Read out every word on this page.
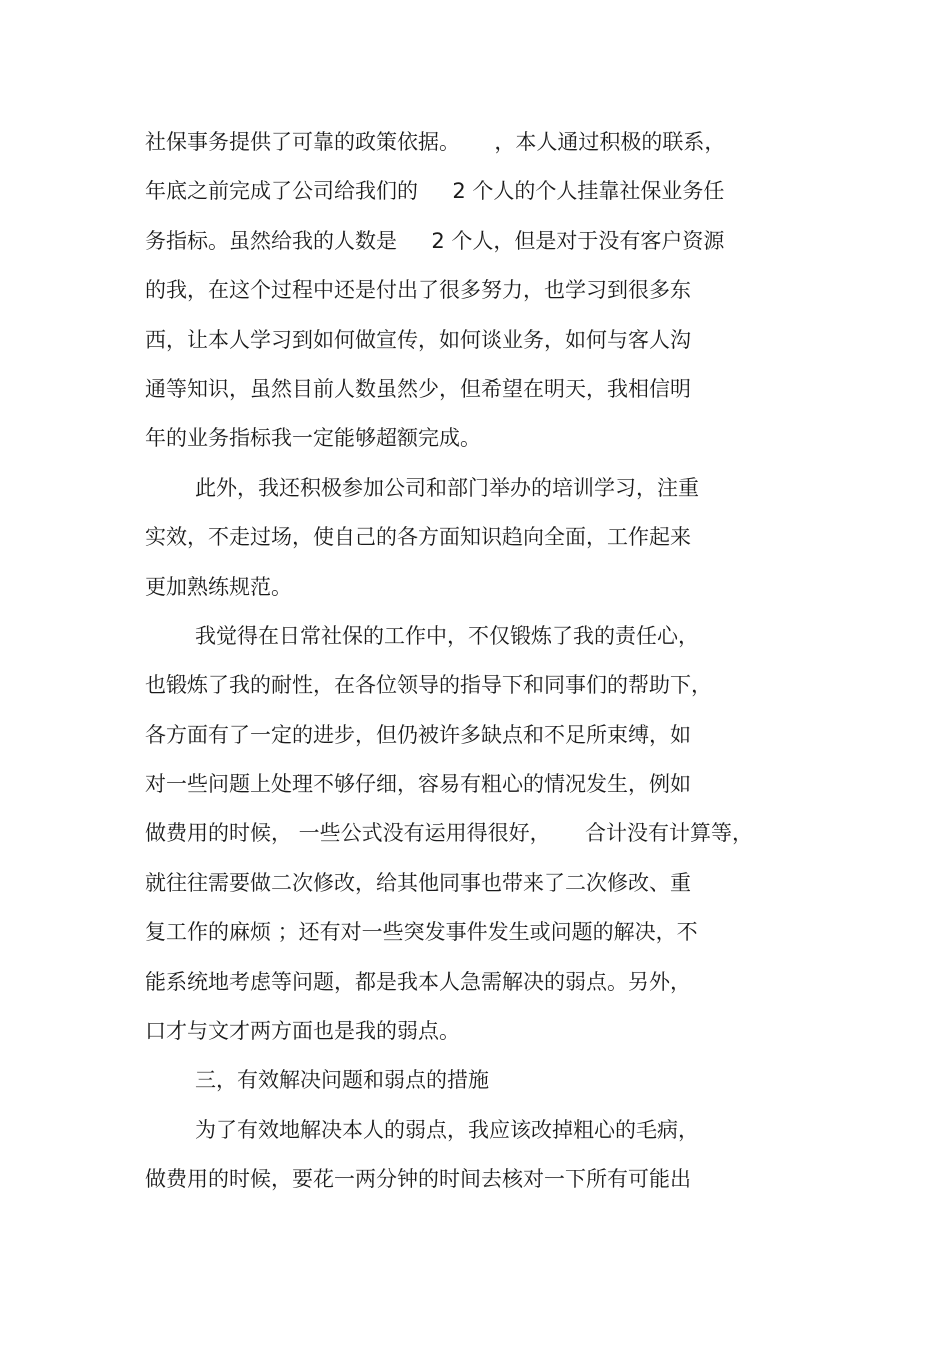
社保事务提供了可靠的政策依据。 　 ，本人通过积极的联系，
年底之前完成了公司给我们的 　 2 个人的个人挂靠社保业务任
务指标。虽然给我的人数是 　 2 个人，但是对于没有客户资源
的我，在这个过程中还是付出了很多努力，也学习到很多东
西，让本人学习到如何做宣传，如何谈业务，如何与客人沟
通等知识，虽然目前人数虽然少，但希望在明天，我相信明
年的业务指标我一定能够超额完成。
此外，我还积极参加公司和部门举办的培训学习，注重
实效，不走过场，使自己的各方面知识趋向全面，工作起来
更加熟练规范。
我觉得在日常社保的工作中，不仅锻炼了我的责任心，
也锻炼了我的耐性，在各位领导的指导下和同事们的帮助下，
各方面有了一定的进步，但仍被许多缺点和不足所束缚，如
对一些问题上处理不够仔细，容易有粗心的情况发生，例如
做费用的时候， 一些公式没有运用得很好， 　 合计没有计算等，
就往往需要做二次修改，给其他同事也带来了二次修改、重
复工作的麻烦 ；还有对一些突发事件发生或问题的解决，不
能系统地考虑等问题，都是我本人急需解决的弱点。另外，
口才与文才两方面也是我的弱点。
三，有效解决问题和弱点的措施
为了有效地解决本人的弱点，我应该改掉粗心的毛病，
做费用的时候，要花一两分钟的时间去核对一下所有可能出
